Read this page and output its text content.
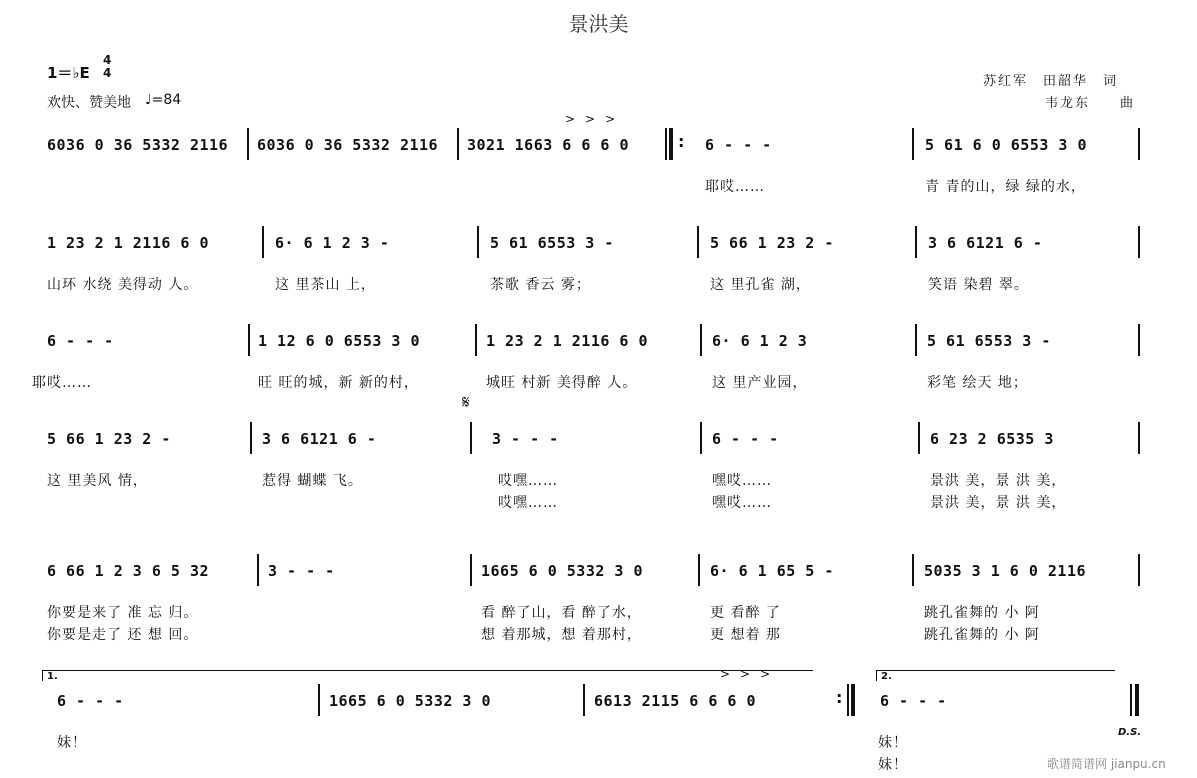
景洪美
1＝♭E
4
4
欢快、赞美地 ♩=84
苏红军　田韶华　词
韦龙东　　曲
>>>
6036 0 36 5332 2116 6036 0 36 5332 2116 3021 1663 6 6 6 0	: 6 - - -	5 61 6 0 6553 3 0
耶哎……	青 青的山，绿 绿的水，
1 23 2 1 2116 6 0	6· 6 1 2 3 -	5 61 6553 3 -	5 66 1 23 2 -	3 6 6121 6 -
山环 水绕 美得动 人。	这 里茶山 上，	茶歌 香云 雾；	这 里孔雀 湖，	笑语 染碧 翠。
6 - - -	1 12 6 0 6553 3 0	1 23 2 1 2116 6 0	6· 6 1 2 3	5 61 6553 3 -
耶哎……	旺 旺的城，新 新的村，	城旺 村新 美得醉 人。	这 里产业园，	彩笔 绘天 地；
𝄋
5 66 1 23 2 -	3 6 6121 6 -	3 - - -	6 - - -	6 23 2 6535 3
这 里美风 情，	惹得 蝴蝶 飞。	哎嘿……	嘿哎……	景洪 美，景 洪 美，
哎嘿……	嘿哎……	景洪 美，景 洪 美，
6 66 1 2 3 6 5 32	3 - - -	1665 6 0 5332 3 0	6· 6 1 65 5 -	5035 3 1 6 0 2116
你要是来了 准 忘 归。	看 醉了山，看 醉了水，	更 看醉 了	跳孔雀舞的 小 阿
你要是走了 还 想 回。	想 着那城，想 着那村，	更 想着 那	跳孔雀舞的 小 阿
1.	2.
>>>
6 - - -	1665 6 0 5332 3 0	6613 2115 6 6 6 0	:	6 - - -
D.S.
妹！	妹！
妹！	歌谱简谱网 jianpu.cn
